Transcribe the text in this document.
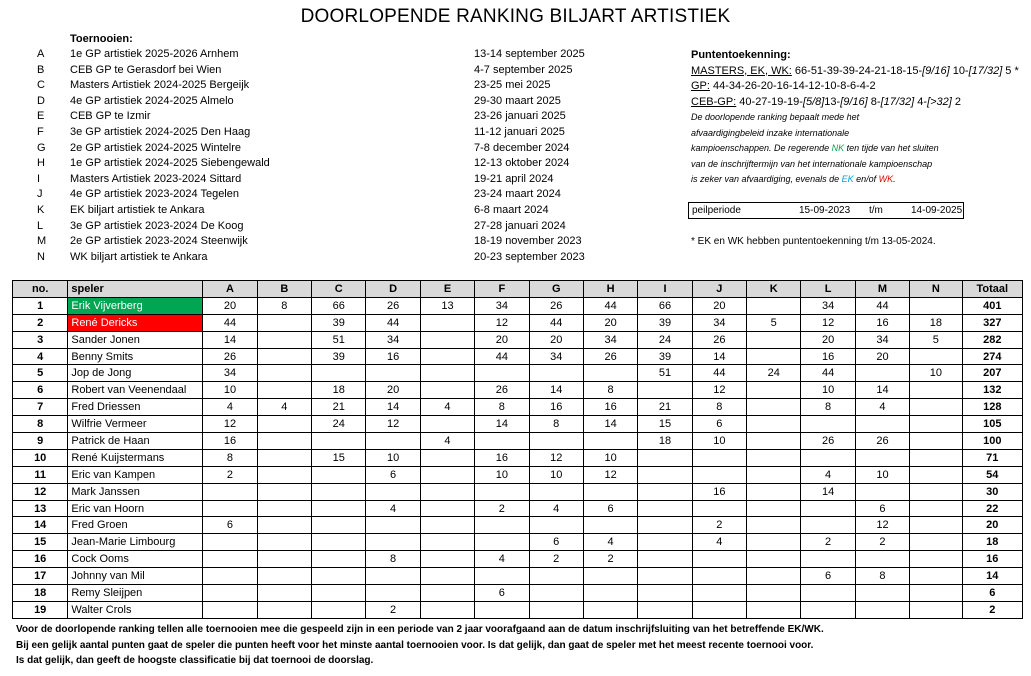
DOORLOPENDE RANKING BILJART ARTISTIEK
Toernooien:
A	1e GP artistiek 2025-2026 Arnhem	13-14 september 2025
B	CEB GP te Gerasdorf bei Wien	4-7 september 2025
C	Masters Artistiek 2024-2025 Bergeijk	23-25 mei 2025
D	4e GP artistiek 2024-2025 Almelo	29-30 maart 2025
E	CEB GP te Izmir	23-26 januari 2025
F	3e GP artistiek 2024-2025 Den Haag	11-12 januari 2025
G	2e GP artistiek 2024-2025 Wintelre	7-8 december 2024
H	1e GP artistiek 2024-2025 Siebengewald	12-13 oktober 2024
I	Masters Artistiek 2023-2024 Sittard	19-21 april 2024
J	4e GP artistiek 2023-2024 Tegelen	23-24 maart 2024
K	EK biljart artistiek te Ankara	6-8 maart 2024
L	3e GP artistiek 2023-2024 De Koog	27-28 januari 2024
M	2e GP artistiek 2023-2024 Steenwijk	18-19 november 2023
N	WK biljart artistiek te Ankara	20-23 september 2023
Puntentoekenning:
MASTERS, EK, WK: 66-51-39-39-24-21-18-15-[9/16] 10-[17/32] 5 *
GP: 44-34-26-20-16-14-12-10-8-6-4-2
CEB-GP: 40-27-19-19-[5/8]13-[9/16] 8-[17/32] 4-[>32] 2
De doorlopende ranking bepaalt mede het
afvaardigingbeleid inzake internationale
kampioenschappen. De regerende NK ten tijde van het sluiten
van de inschrijftermijn van het internationale kampioenschap
is zeker van afvaardiging, evenals de EK en/of WK.
peilperiode	15-09-2023 t/m	14-09-2025
* EK en WK hebben puntentoekenning t/m 13-05-2024.
no.	speler	A	B	C	D	E	F	G	H	I	J	K	L	M	N	Totaal
1	Erik Vijverberg	20	8	66	26	13	34	26	44	66	20		34	44		401
2	René Dericks	44		39	44		12	44	20	39	34	5	12	16	18	327
3	Sander Jonen	14		51	34		20	20	34	24	26		20	34	5	282
4	Benny Smits	26		39	16		44	34	26	39	14		16	20		274
5	Jop de Jong	34								51	44	24	44		10	207
6	Robert van Veenendaal	10		18	20		26	14	8		12		10	14		132
7	Fred Driessen	4	4	21	14	4	8	16	16	21	8		8	4		128
8	Wilfrie Vermeer	12		24	12		14	8	14	15	6					105
9	Patrick de Haan	16				4				18	10		26	26		100
10	René Kuijstermans	8		15	10		16	12	10							71
11	Eric van Kampen	2			6		10	10	12				4	10		54
12	Mark Janssen										16		14			30
13	Eric van Hoorn				4		2	4	6					6		22
14	Fred Groen	6									2			12		20
15	Jean-Marie Limbourg							6	4		4		2	2		18
16	Cock Ooms				8		4	2	2							16
17	Johnny van Mil												6	8		14
18	Remy Sleijpen						6									6
19	Walter Crols				2											2
Voor de doorlopende ranking tellen alle toernooien mee die gespeeld zijn in een periode van 2 jaar voorafgaand aan de datum inschrijfsluiting van het betreffende EK/WK.
Bij een gelijk aantal punten gaat de speler die punten heeft voor het minste aantal toernooien voor. Is dat gelijk, dan gaat de speler met het meest recente toernooi voor.
Is dat gelijk, dan geeft de hoogste classificatie bij dat toernooi de doorslag.
